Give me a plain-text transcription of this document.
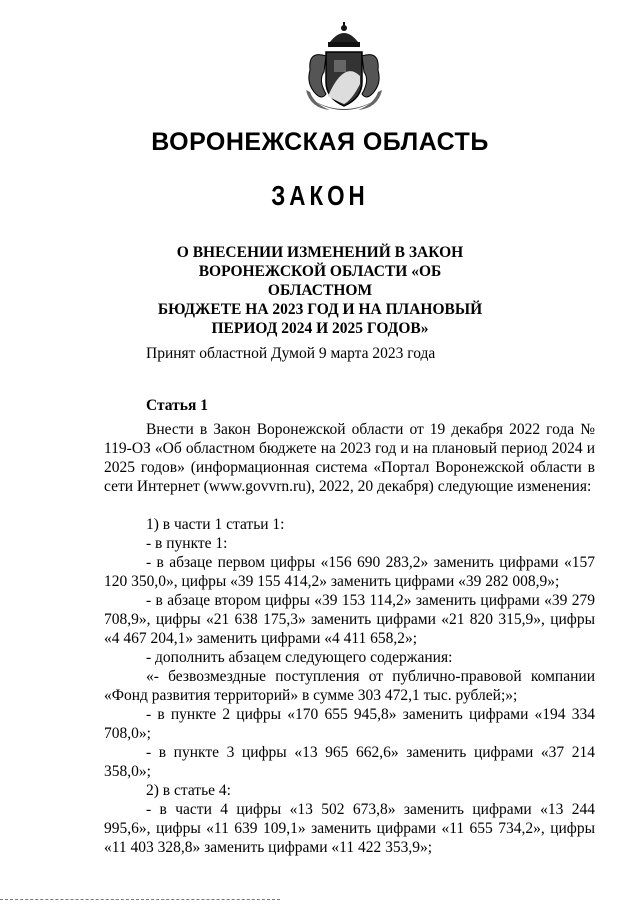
ВОРОНЕЖСКАЯ ОБЛАСТЬ
ЗАКОН
О ВНЕСЕНИИ ИЗМЕНЕНИЙ В ЗАКОН
ВОРОНЕЖСКОЙ ОБЛАСТИ «ОБ ОБЛАСТНОМ
БЮДЖЕТЕ НА 2023 ГОД И НА ПЛАНОВЫЙ
ПЕРИОД 2024 И 2025 ГОДОВ»
Принят областной Думой 9 марта 2023 года
Статья 1

Внести в Закон Воронежской области от 19 декабря 2022 года № 119-ОЗ «Об областном бюджете на 2023 год и на плановый период 2024 и 2025 годов» (информационная система «Портал Воронежской области в сети Интернет (www.govvrn.ru), 2022, 20 декабря) следующие изменения:

1) в части 1 статьи 1:

- в пункте 1:

- в абзаце первом цифры «156 690 283,2» заменить цифрами «157 120 350,0», цифры «39 155 414,2» заменить цифрами «39 282 008,9»;

- в абзаце втором цифры «39 153 114,2» заменить цифрами «39 279 708,9», цифры «21 638 175,3» заменить цифрами «21 820 315,9», цифры «4 467 204,1» заменить цифрами «4 411 658,2»;

- дополнить абзацем следующего содержания:

«- безвозмездные поступления от публично-правовой компании «Фонд развития территорий» в сумме 303 472,1 тыс. рублей;»;

- в пункте 2 цифры «170 655 945,8» заменить цифрами «194 334 708,0»;

- в пункте 3 цифры «13 965 662,6» заменить цифрами «37 214 358,0»;

2) в статье 4:

- в части 4 цифры «13 502 673,8» заменить цифрами «13 244 995,6», цифры «11 639 109,1» заменить цифрами «11 655 734,2», цифры «11 403 328,8» заменить цифрами «11 422 353,9»;
